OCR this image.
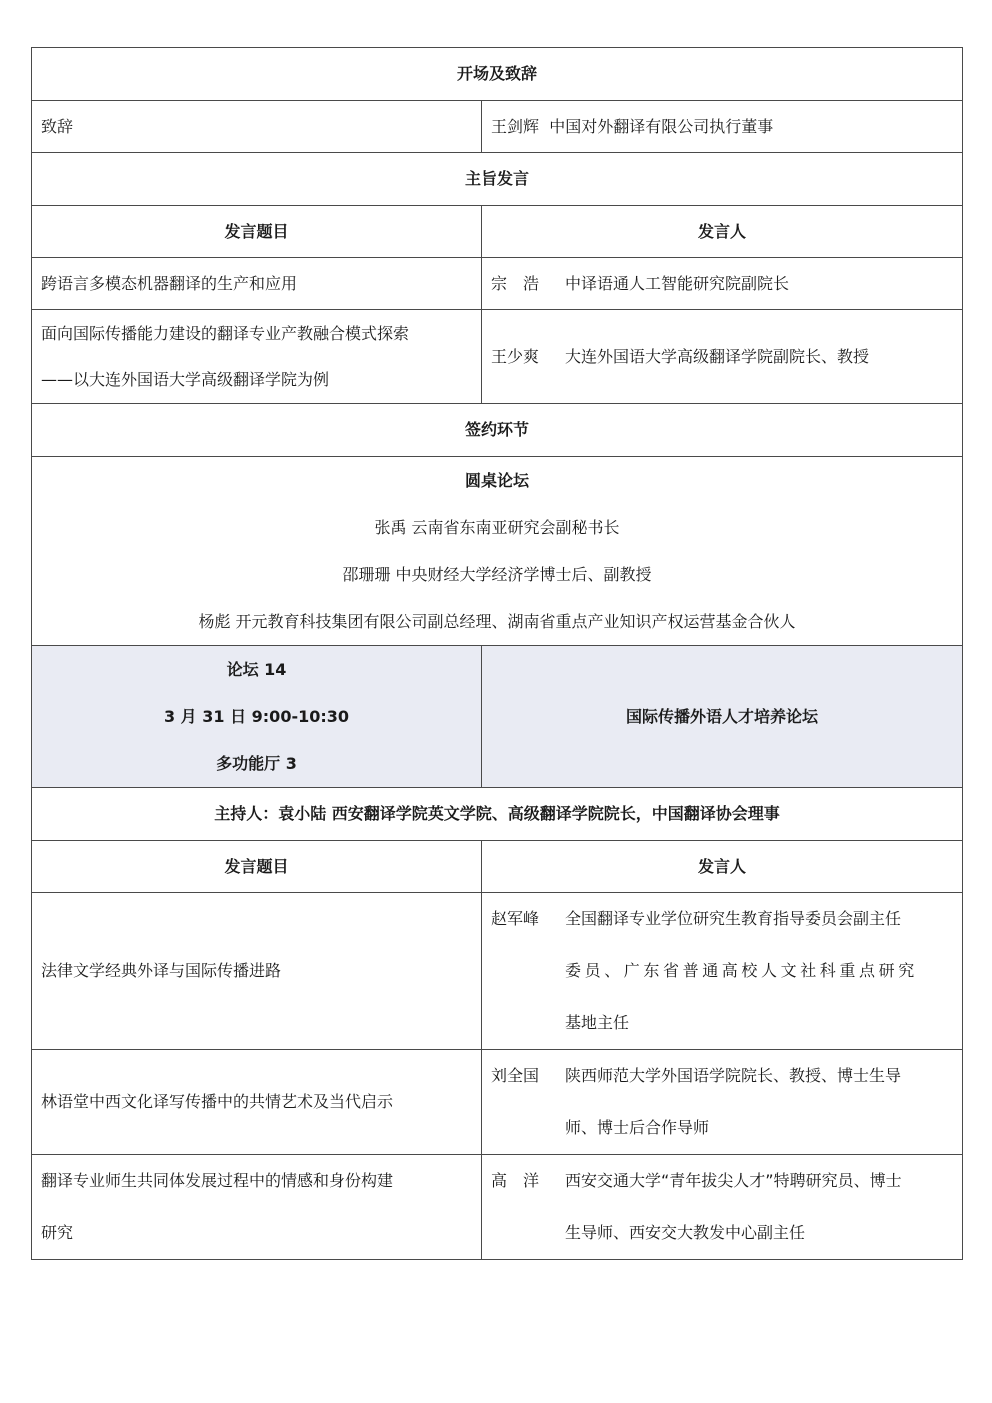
开场及致辞	
致辞	王剑辉 中国对外翻译有限公司执行董事
主旨发言	
发言题目	发言人
跨语言多模态机器翻译的生产和应用	宗　浩 中译语通人工智能研究院副院长

面向国际传播能力建设的翻译专业产教融合模式探索
——以大连外国语大学高级翻译学院为例	王少爽 大连外国语大学高级翻译学院副院长、教授

签约环节	

圆桌论坛
张禹 云南省东南亚研究会副秘书长
邵珊珊 中央财经大学经济学博士后、副教授
杨彪 开元教育科技集团有限公司副总经理、湖南省重点产业知识产权运营基金合伙人	

论坛 14
3 月 31 日 9:00-10:30
多功能厅 3	国际传播外语人才培养论坛
主持人：袁小陆 西安翻译学院英文学院、高级翻译学院院长，中国翻译协会理事	
发言题目	发言人
法律文学经典外译与国际传播进路	赵军峰 全国翻译专业学位研究生教育指导委员会副主任
委员、广东省普通高校人文社科重点研究
基地主任

林语堂中西文化译写传播中的共情艺术及当代启示	刘全国 陕西师范大学外国语学院院长、教授、博士生导
师、博士后合作导师

翻译专业师生共同体发展过程中的情感和身份构建
研究	高　洋 西安交通大学“青年拔尖人才”特聘研究员、博士
生导师、西安交大教发中心副主任
